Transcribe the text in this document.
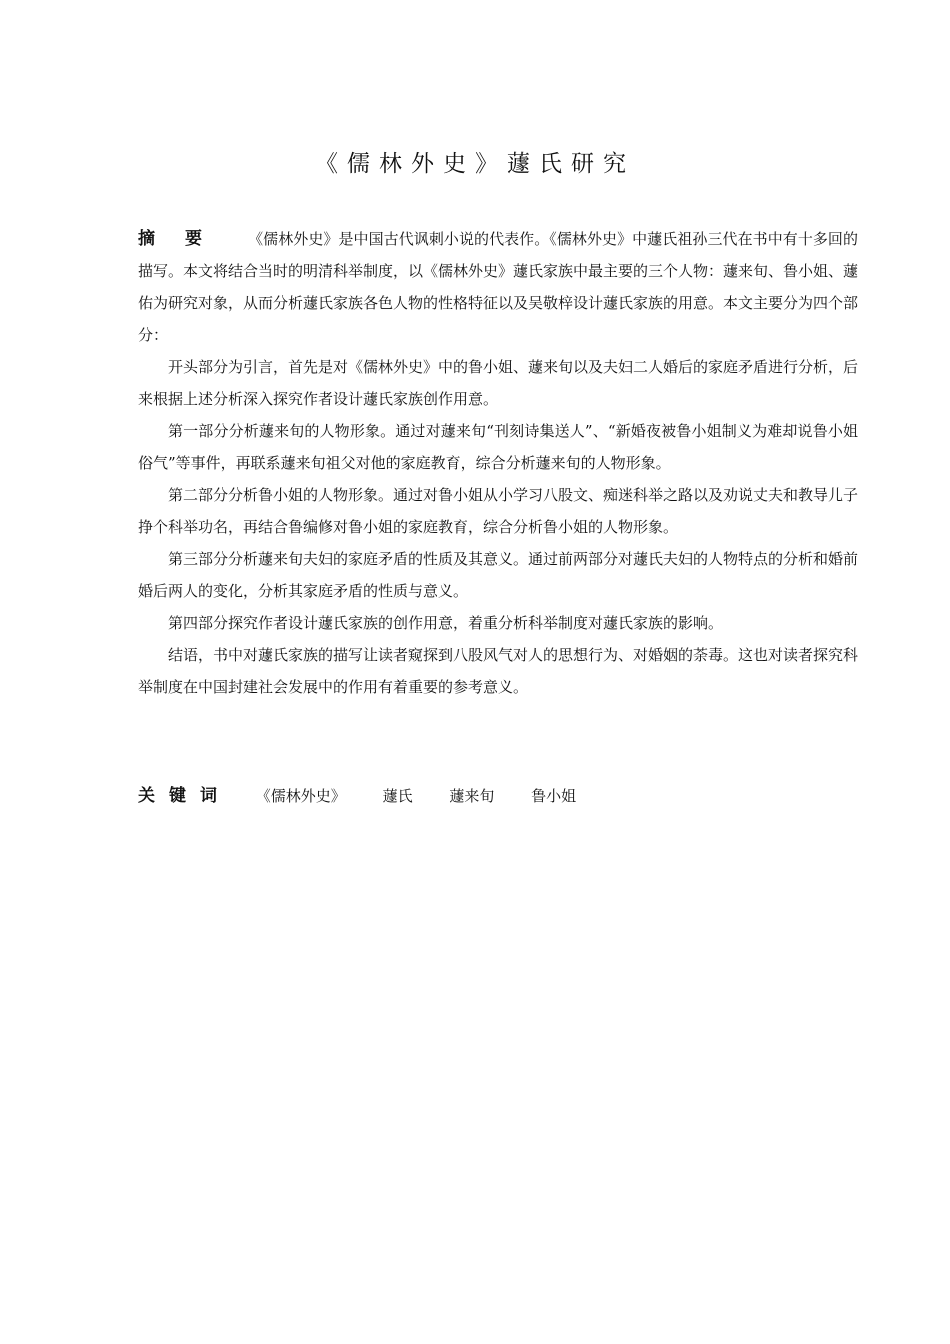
《儒林外史》蘧氏研究

摘 要 《儒林外史》是中国古代讽刺小说的代表作。《儒林外史》中蘧氏祖孙三代在书中有十多回的描写。本文将结合当时的明清科举制度，以《儒林外史》蘧氏家族中最主要的三个人物：蘧来旬、鲁小姐、蘧佑为研究对象，从而分析蘧氏家族各色人物的性格特征以及吴敬梓设计蘧氏家族的用意。本文主要分为四个部分：

开头部分为引言，首先是对《儒林外史》中的鲁小姐、蘧来旬以及夫妇二人婚后的家庭矛盾进行分析，后来根据上述分析深入探究作者设计蘧氏家族创作用意。

第一部分分析蘧来旬的人物形象。通过对蘧来旬“刊刻诗集送人”、“新婚夜被鲁小姐制义为难却说鲁小姐俗气”等事件，再联系蘧来旬祖父对他的家庭教育，综合分析蘧来旬的人物形象。

第二部分分析鲁小姐的人物形象。通过对鲁小姐从小学习八股文、痴迷科举之路以及劝说丈夫和教导儿子挣个科举功名，再结合鲁编修对鲁小姐的家庭教育，综合分析鲁小姐的人物形象。

第三部分分析蘧来旬夫妇的家庭矛盾的性质及其意义。通过前两部分对蘧氏夫妇的人物特点的分析和婚前婚后两人的变化，分析其家庭矛盾的性质与意义。

第四部分探究作者设计蘧氏家族的创作用意，着重分析科举制度对蘧氏家族的影响。

结语，书中对蘧氏家族的描写让读者窥探到八股风气对人的思想行为、对婚姻的荼毒。这也对读者探究科举制度在中国封建社会发展中的作用有着重要的参考意义。

关键词 《儒林外史》 蘧氏 蘧来旬 鲁小姐
